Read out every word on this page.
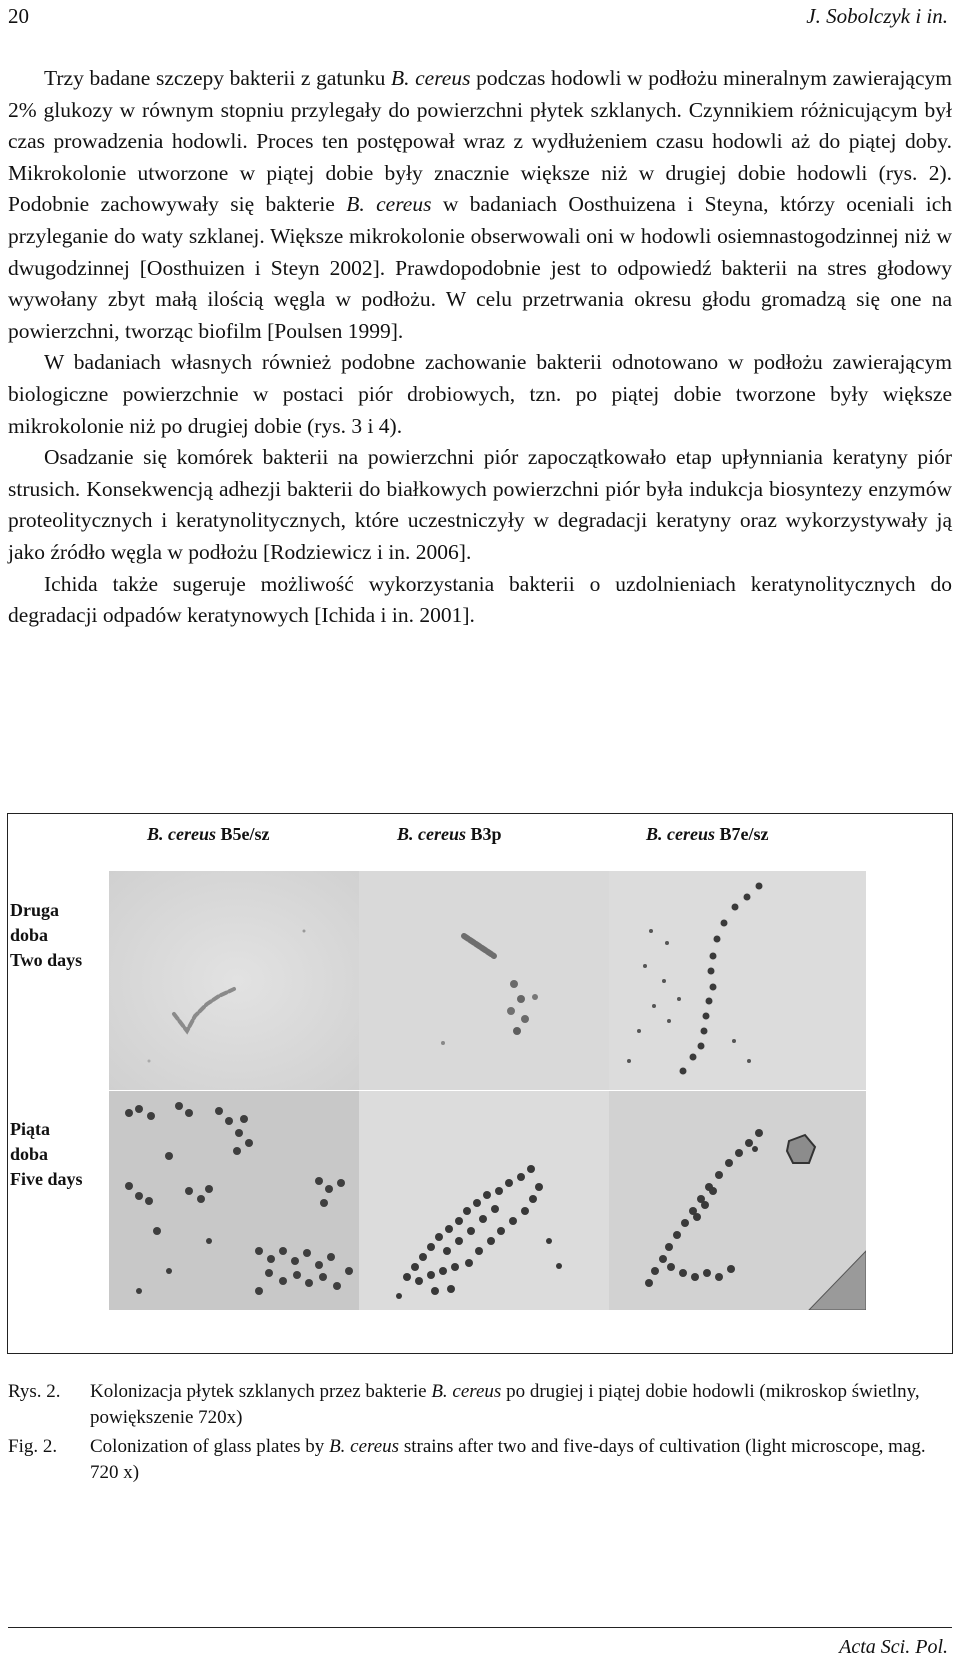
20	J. Sobolczyk i in.

Trzy badane szczepy bakterii z gatunku B. cereus podczas hodowli w podłożu mineralnym zawierającym 2% glukozy w równym stopniu przylegały do powierzchni płytek szklanych. Czynnikiem różnicującym był czas prowadzenia hodowli. Proces ten postępował wraz z wydłużeniem czasu hodowli aż do piątej doby. Mikrokolonie utworzone w piątej dobie były znacznie większe niż w drugiej dobie hodowli (rys. 2). Podobnie zachowywały się bakterie B. cereus w badaniach Oosthuizena i Steyna, którzy oceniali ich przyleganie do waty szklanej. Większe mikrokolonie obserwowali oni w hodowli osiemnastogodzinnej niż w dwugodzinnej [Oosthuizen i Steyn 2002]. Prawdopodobnie jest to odpowiedź bakterii na stres głodowy wywołany zbyt małą ilością węgla w podłożu. W celu przetrwania okresu głodu gromadzą się one na powierzchni, tworząc biofilm [Poulsen 1999].

W badaniach własnych również podobne zachowanie bakterii odnotowano w podłożu zawierającym biologiczne powierzchnie w postaci piór drobiowych, tzn. po piątej dobie tworzone były większe mikrokolonie niż po drugiej dobie (rys. 3 i 4).

Osadzanie się komórek bakterii na powierzchni piór zapoczątkowało etap upłynniania keratyny piór strusich. Konsekwencją adhezji bakterii do białkowych powierzchni piór była indukcja biosyntezy enzymów proteolitycznych i keratynolitycznych, które uczestniczyły w degradacji keratyny oraz wykorzystywały ją jako źródło węgla w podłożu [Rodziewicz i in. 2006].

Ichida także sugeruje możliwość wykorzystania bakterii o uzdolnieniach keratynolitycznych do degradacji odpadów keratynowych [Ichida i in. 2001].

B. cereus B5e/sz	B. cereus B3p	B. cereus B7e/sz
Druga
doba
Two days
Piąta
doba
Five days
Rys. 2.	Kolonizacja płytek szklanych przez bakterie B. cereus po drugiej i piątej dobie hodowli (mikroskop świetlny, powiększenie 720x)
Fig. 2.	Colonization of glass plates by B. cereus strains after two and five-days of cultivation (light microscope, mag. 720 x)
Acta Sci. Pol.
